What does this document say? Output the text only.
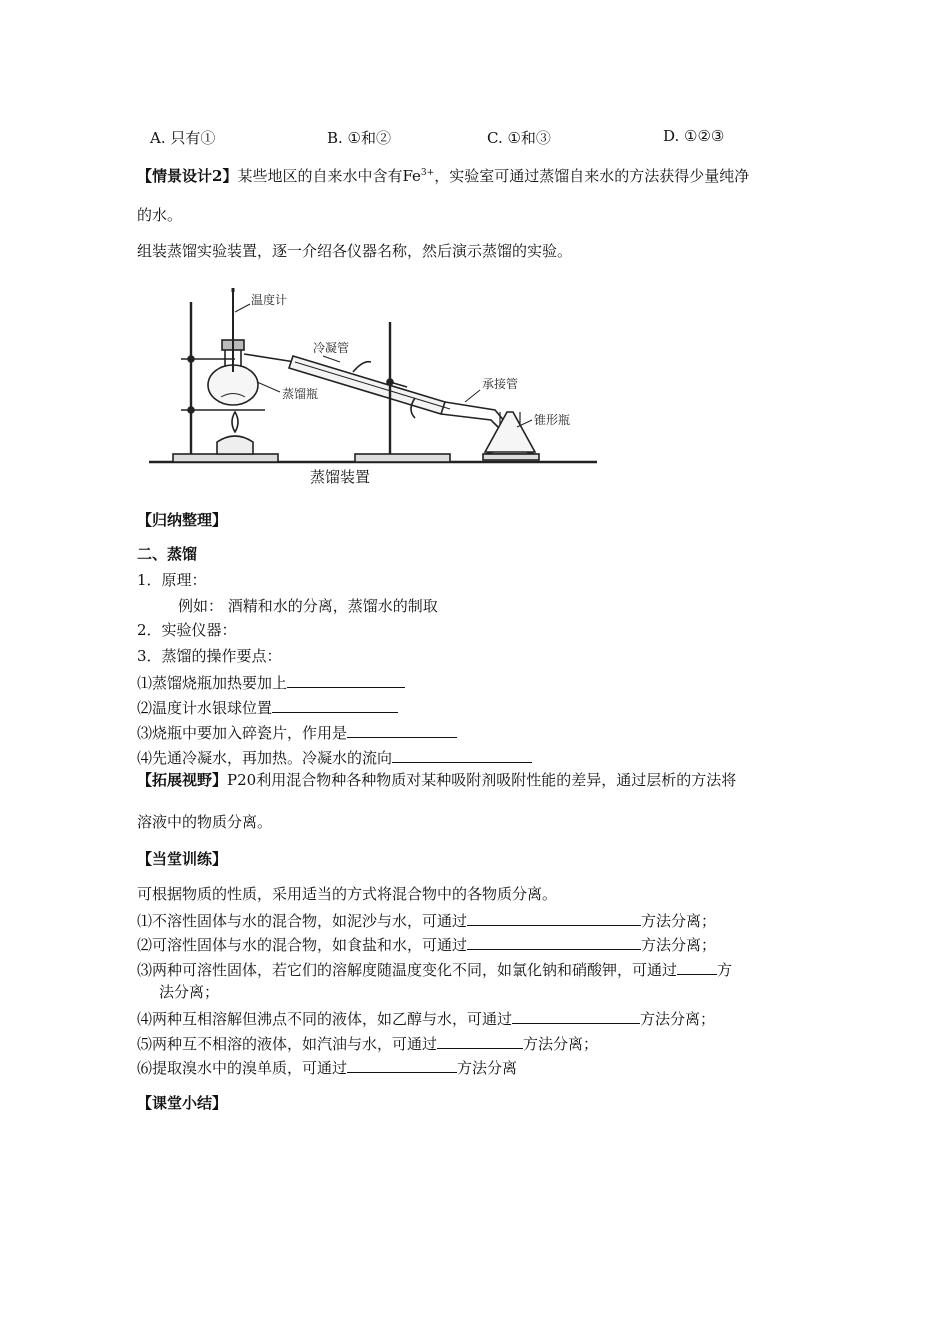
A. 只有①	B. ①和②	C. ①和③	D. ①②③
【情景设计2】某些地区的自来水中含有$Fe^{3+}$，实验室可通过蒸馏自来水的方法获得少量纯净
的水。
组装蒸馏实验装置，逐一介绍各仪器名称，然后演示蒸馏的实验。
温度计
冷凝管
承接管
蒸馏瓶
锥形瓶
蒸馏装置
【归纳整理】
二、蒸馏
1．原理：
例如： 酒精和水的分离，蒸馏水的制取
2．实验仪器：
3．蒸馏的操作要点：
⑴蒸馏烧瓶加热要加上
⑵温度计水银球位置
⑶烧瓶中要加入碎瓷片，作用是
⑷先通冷凝水，再加热。冷凝水的流向
【拓展视野】P20利用混合物种各种物质对某种吸附剂吸附性能的差异，通过层析的方法将
溶液中的物质分离。
【当堂训练】
可根据物质的性质，采用适当的方式将混合物中的各物质分离。
⑴不溶性固体与水的混合物，如泥沙与水，可通过	方法分离；
⑵可溶性固体与水的混合物，如食盐和水，可通过	方法分离；
⑶两种可溶性固体，若它们的溶解度随温度变化不同，如氯化钠和硝酸钾，可通过	方
法分离；
⑷两种互相溶解但沸点不同的液体，如乙醇与水，可通过	方法分离；
⑸两种互不相溶的液体，如汽油与水，可通过	方法分离；
⑹提取溴水中的溴单质，可通过	方法分离
【课堂小结】
